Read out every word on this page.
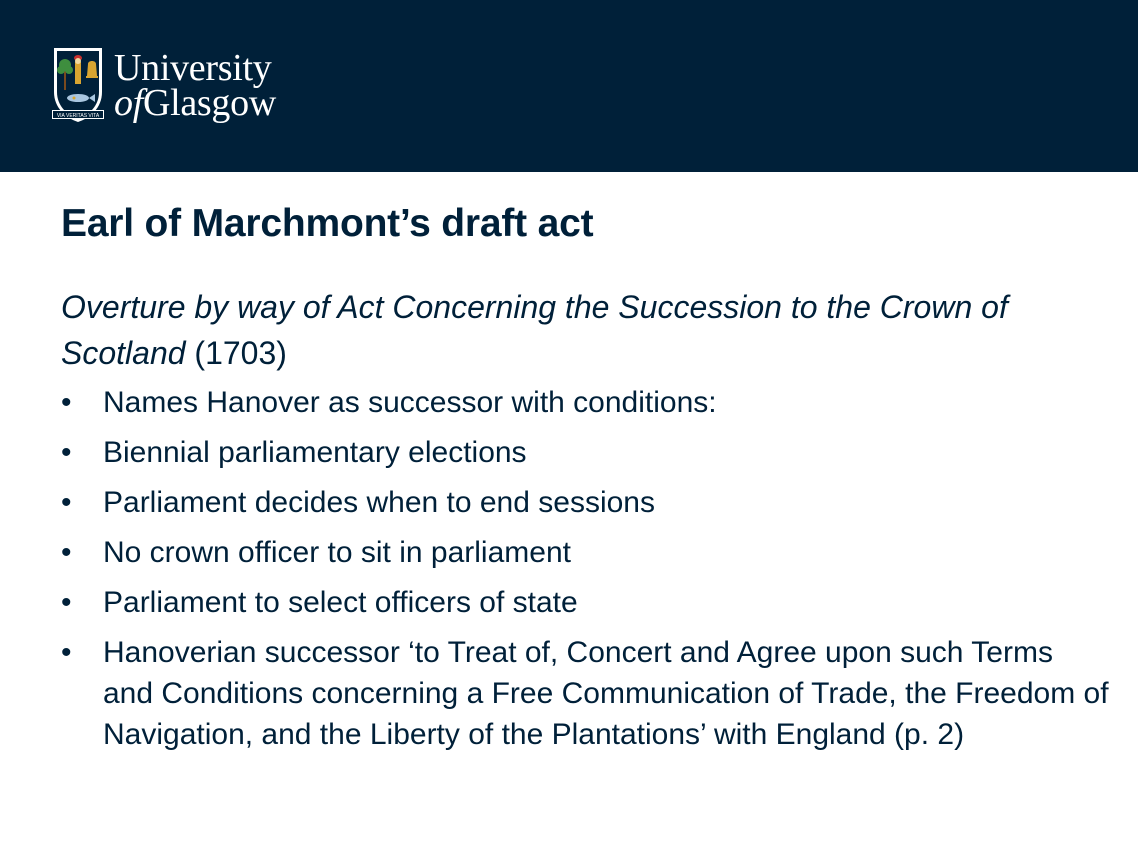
VIA VERITAS VITA
University
ofGlasgow
Earl of Marchmont’s draft act

Overture by way of Act Concerning the Succession to the Crown of Scotland (1703)

• Names Hanover as successor with conditions:
• Biennial parliamentary elections
• Parliament decides when to end sessions
• No crown officer to sit in parliament
• Parliament to select officers of state
• Hanoverian successor ‘to Treat of, Concert and Agree upon such Terms and Conditions concerning a Free Communication of Trade, the Freedom of Navigation, and the Liberty of the Plantations’ with England (p. 2)
